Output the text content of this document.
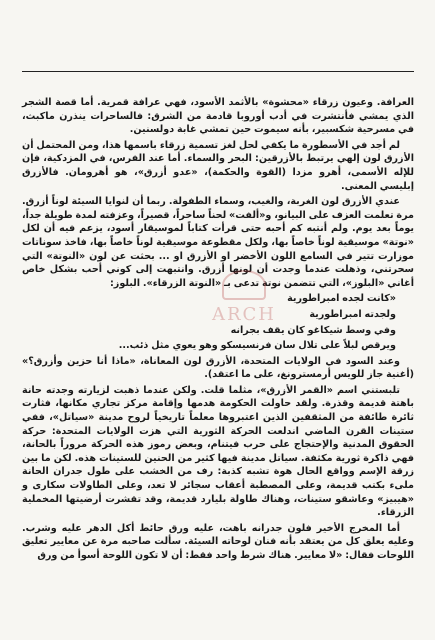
العرافة. وعيون زرقاء «محشوة» بالأثمد الأسود، فهي عرافة قمرية. أما قصة الشجر الذي يمشي فأنتشرت في أدب أوروبا قادمة من الشرق: فالساحرات ينذرن ماكبث، في مسرحية شكسبير، بأنه سيموت حين تمشي غابة دولسنين.

لم أجد في الأسطورة ما يكفي لحل لغز تسمية زرقاء باسمها هذا، ومن المحتمل أن الأزرق لون إلهي يرتبط بالأزرقين: البحر والسماء. أما عند الفرس، في المزدكية، فإن للإله الأسمى، أهرو مزدا (القوة والحكمة)، «عدو أزرق»، هو أهرومان. فالأزرق إبليسي المعنى.

عندي الأزرق لون الغربة، والغيب، وسماء الطفولة. ربما أن لنوايا السيئة لوناً أزرق. مرة تعلمت العزف على البيانو، و«ألفت» لحناً ساحراً، قصيراً، وعزفته لمدة طويلة جداً، يوماً بعد يوم. ولم أنتبه كم أحبه حتى قرأت كتاباً لموسيقار أسود، يزعم فيه أن لكل «نوتة» موسيقية لوناً خاصاً بها، ولكل مقطوعة موسيقية لوناً خاصاً بها، فاخذ سوناتات موزارت تتير في السامع اللون الأخضر او الأزرق او ... بحثت عن لون «النوتة» التي سحرتني، وذهلت عندما وجدت أن لونها أزرق. وانتبهت إلى كوني أحب بشكل خاص أغاني «البلوز»، التي تتضمن نوتة تدعى بـ «النوتة الزرقاء». البلوز:

«كانت لجده امبراطورية

ولجدته امبراطورية

وفي وسط شيكاغو كان يقف بجرانه

ويرقص لبلاً على تلال سان فرنسيسكو وهو يعوي مثل ذئب...

وعند السود في الولايات المتحدة، الأزرق لون المعاناة، «ماذا أنا حزين وأزرق؟» (أغنية جاز للويس أرمسترونغ، على ما اعتقد).

تلبستني اسم «القمر الأزرق»، مثلما قلت. ولكن عندما ذهبت لزيارته وجدته حانة باهتة قديمة وقذرة. ولقد حاولت الحكومة هدمها وإقامة مركز تجاري مكانها، فثارت ثائرة طائفة من المثقفين الذين اعتبروها معلماً تاريخياً لروح مدينة «سياتل»، ففي ستينات القرن الماضي اندلعت الحركة الثورية التي هزت الولايات المتحدة: حركة الحقوق المدنية والإحتجاج على حرب فيتنام، وبعض رموز هذه الحركة مروراً بالحانة، فهي ذاكرة ثورية مكثفة. سياتل مدينة فيها كثير من الحنين للستينات هذه. لكن ما بين زرقة الإسم وواقع الحال هوة تشبه كذبة: رف من الخشب على طول جدران الحانة ملىء بكتب قديمة، وعلى المصطبة أعقاب سجائر لا تعد، وعلى الطاولات سكارى و «هيبيز» وعاشقو ستينات، وهناك طاولة بليارد قديمة، وقد تقشرت أرضيتها المخملية الزرقاء.

أما المخرج الأخير فلون جدرانه باهت، عليه ورق حائط أكل الدهر عليه وشرب. وعليه يعلق كل من يعتقد بأنه فنان لوحاته السيئة. سألت صاحبه مرة عن معايير تعليق اللوحات فقال: «لا معايير. هناك شرط واحد فقط: أن لا تكون اللوحة أسوأ من ورق

ARCH
